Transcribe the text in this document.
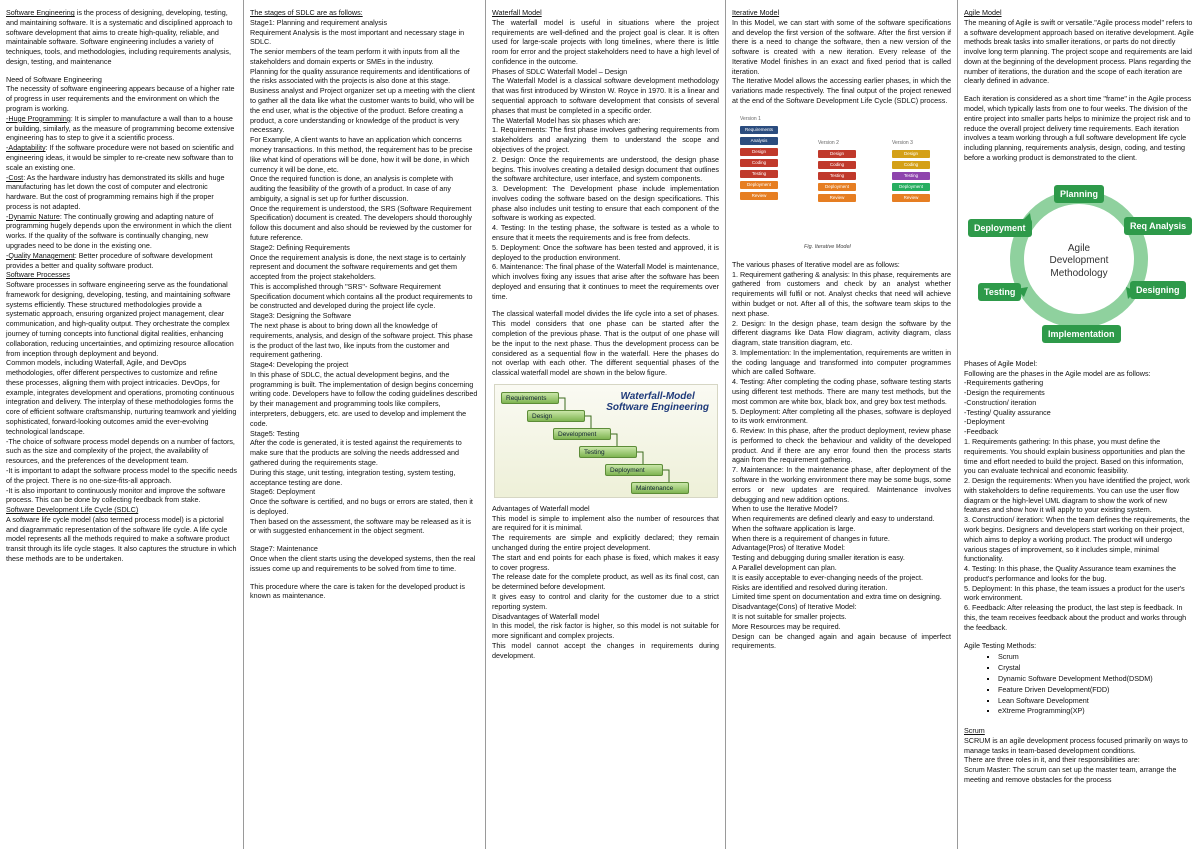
Software Engineering is the process of designing, developing, testing, and maintaining software. It is a systematic and disciplined approach to software development that aims to create high-quality, reliable, and maintainable software. Software engineering includes a variety of techniques, tools, and methodologies, including requirements analysis, design, testing, and maintenance

Need of Software Engineering

The necessity of software engineering appears because of a higher rate of progress in user requirements and the environment on which the program is working.

-Huge Programming: It is simpler to manufacture a wall than to a house or building, similarly, as the measure of programming become extensive engineering has to step to give it a scientific process.

-Adaptability: If the software procedure were not based on scientific and engineering ideas, it would be simpler to re-create new software than to scale an existing one.

-Cost: As the hardware industry has demonstrated its skills and huge manufacturing has let down the cost of computer and electronic hardware. But the cost of programming remains high if the proper process is not adapted.

-Dynamic Nature: The continually growing and adapting nature of programming hugely depends upon the environment in which the client works. If the quality of the software is continually changing, new upgrades need to be done in the existing one.

-Quality Management: Better procedure of software development provides a better and quality software product.

Software Processes

Software processes in software engineering serve as the foundational framework for designing, developing, testing, and maintaining software systems efficiently. These structured methodologies provide a systematic approach, ensuring organized project management, clear communication, and high-quality output. They orchestrate the complex journey of turning concepts into functional digital realities, enhancing collaboration, reducing uncertainties, and optimizing resource allocation from inception through deployment and beyond.

Common models, including Waterfall, Agile, and DevOps methodologies, offer different perspectives to customize and refine these processes, aligning them with project intricacies. DevOps, for example, integrates development and operations, promoting continuous integration and delivery. The interplay of these methodologies forms the core of efficient software craftsmanship, nurturing teamwork and yielding sophisticated, forward-looking outcomes amid the ever-evolving technological landscape.

-The choice of software process model depends on a number of factors, such as the size and complexity of the project, the availability of resources, and the preferences of the development team.

-It is important to adapt the software process model to the specific needs of the project. There is no one-size-fits-all approach.

-It is also important to continuously monitor and improve the software process. This can be done by collecting feedback from stake.

Software Development Life Cycle (SDLC)

A software life cycle model (also termed process model) is a pictorial and diagrammatic representation of the software life cycle. A life cycle model represents all the methods required to make a software product transit through its life cycle stages. It also captures the structure in which these methods are to be undertaken.

The stages of SDLC are as follows:

Stage1: Planning and requirement analysis

Requirement Analysis is the most important and necessary stage in SDLC.

The senior members of the team perform it with inputs from all the stakeholders and domain experts or SMEs in the industry.

Planning for the quality assurance requirements and identifications of the risks associated with the projects is also done at this stage.

Business analyst and Project organizer set up a meeting with the client to gather all the data like what the customer wants to build, who will be the end user, what is the objective of the product. Before creating a product, a core understanding or knowledge of the product is very necessary.

For Example, A client wants to have an application which concerns money transactions. In this method, the requirement has to be precise like what kind of operations will be done, how it will be done, in which currency it will be done, etc.

Once the required function is done, an analysis is complete with auditing the feasibility of the growth of a product. In case of any ambiguity, a signal is set up for further discussion.

Once the requirement is understood, the SRS (Software Requirement Specification) document is created. The developers should thoroughly follow this document and also should be reviewed by the customer for future reference.

Stage2: Defining Requirements

Once the requirement analysis is done, the next stage is to certainly represent and document the software requirements and get them accepted from the project stakeholders.

This is accomplished through "SRS"- Software Requirement Specification document which contains all the product requirements to be constructed and developed during the project life cycle.

Stage3: Designing the Software

The next phase is about to bring down all the knowledge of requirements, analysis, and design of the software project. This phase is the product of the last two, like inputs from the customer and requirement gathering.

Stage4: Developing the project

In this phase of SDLC, the actual development begins, and the programming is built. The implementation of design begins concerning writing code. Developers have to follow the coding guidelines described by their management and programming tools like compilers, interpreters, debuggers, etc. are used to develop and implement the code.

Stage5: Testing

After the code is generated, it is tested against the requirements to make sure that the products are solving the needs addressed and gathered during the requirements stage.

During this stage, unit testing, integration testing, system testing, acceptance testing are done.

Stage6: Deployment

Once the software is certified, and no bugs or errors are stated, then it is deployed.

Then based on the assessment, the software may be released as it is or with suggested enhancement in the object segment.

Stage7: Maintenance

Once when the client starts using the developed systems, then the real issues come up and requirements to be solved from time to time.

This procedure where the care is taken for the developed product is known as maintenance.

Waterfall Model

The waterfall model is useful in situations where the project requirements are well-defined and the project goal is clear. It is often used for large-scale projects with long timelines, where there is little room for error and the project stakeholders need to have a high level of confidence in the outcome.

Phases of SDLC Waterfall Model – Design

The Waterfall Model is a classical software development methodology that was first introduced by Winston W. Royce in 1970. It is a linear and sequential approach to software development that consists of several phases that must be completed in a specific order.

The Waterfall Model has six phases which are:

1. Requirements: The first phase involves gathering requirements from stakeholders and analyzing them to understand the scope and objectives of the project.

2. Design: Once the requirements are understood, the design phase begins. This involves creating a detailed design document that outlines the software architecture, user interface, and system components.

3. Development: The Development phase include implementation involves coding the software based on the design specifications. This phase also includes unit testing to ensure that each component of the software is working as expected.

4. Testing: In the testing phase, the software is tested as a whole to ensure that it meets the requirements and is free from defects.

5. Deployment: Once the software has been tested and approved, it is deployed to the production environment.

6. Maintenance: The final phase of the Waterfall Model is maintenance, which involves fixing any issues that arise after the software has been deployed and ensuring that it continues to meet the requirements over time.

The classical waterfall model divides the life cycle into a set of phases. This model considers that one phase can be started after the completion of the previous phase. That is the output of one phase will be the input to the next phase. Thus the development process can be considered as a sequential flow in the waterfall. Here the phases do not overlap with each other. The different sequential phases of the classical waterfall model are shown in the below figure.

Waterfall-Model
Software Engineering
Requirements
Design
Development
Testing
Deployment
Maintenance

Advantages of Waterfall model

This model is simple to implement also the number of resources that are required for it is minimal.

The requirements are simple and explicitly declared; they remain unchanged during the entire project development.

The start and end points for each phase is fixed, which makes it easy to cover progress.

The release date for the complete product, as well as its final cost, can be determined before development.

It gives easy to control and clarity for the customer due to a strict reporting system.

Disadvantages of Waterfall model

In this model, the risk factor is higher, so this model is not suitable for more significant and complex projects.

This model cannot accept the changes in requirements during development.

Iterative Model

In this Model, we can start with some of the software specifications and develop the first version of the software. After the first version if there is a need to change the software, then a new version of the software is created with a new iteration. Every release of the Iterative Model finishes in an exact and fixed period that is called iteration.

The Iterative Model allows the accessing earlier phases, in which the variations made respectively. The final output of the project renewed at the end of the Software Development Life Cycle (SDLC) process.

Version 1
Version 2	Version 3
Requirements
Analysis
Design
Coding
Testing
Deployment
Review
Design
Coding
Testing
Deployment
Review
Design
Coding
Testing
Deployment
Review
Fig. Iterative Model

The various phases of Iterative model are as follows:

1. Requirement gathering & analysis: In this phase, requirements are gathered from customers and check by an analyst whether requirements will fulfil or not. Analyst checks that need will achieve within budget or not. After all of this, the software team skips to the next phase.

2. Design: In the design phase, team design the software by the different diagrams like Data Flow diagram, activity diagram, class diagram, state transition diagram, etc.

3. Implementation: In the implementation, requirements are written in the coding language and transformed into computer programmes which are called Software.

4. Testing: After completing the coding phase, software testing starts using different test methods. There are many test methods, but the most common are white box, black box, and grey box test methods.

5. Deployment: After completing all the phases, software is deployed to its work environment.

6. Review: In this phase, after the product deployment, review phase is performed to check the behaviour and validity of the developed product. And if there are any error found then the process starts again from the requirement gathering.

7. Maintenance: In the maintenance phase, after deployment of the software in the working environment there may be some bugs, some errors or new updates are required. Maintenance involves debugging and new addition options.

When to use the Iterative Model?

When requirements are defined clearly and easy to understand.

When the software application is large.

When there is a requirement of changes in future.

Advantage(Pros) of Iterative Model:

Testing and debugging during smaller iteration is easy.

A Parallel development can plan.

It is easily acceptable to ever-changing needs of the project.

Risks are identified and resolved during iteration.

Limited time spent on documentation and extra time on designing.

Disadvantage(Cons) of Iterative Model:

It is not suitable for smaller projects.

More Resources may be required.

Design can be changed again and again because of imperfect requirements.

Agile Model

The meaning of Agile is swift or versatile."Agile process model" refers to a software development approach based on iterative development. Agile methods break tasks into smaller iterations, or parts do not directly involve long term planning. The project scope and requirements are laid down at the beginning of the development process. Plans regarding the number of iterations, the duration and the scope of each iteration are clearly defined in advance.

Each iteration is considered as a short time "frame" in the Agile process model, which typically lasts from one to four weeks. The division of the entire project into smaller parts helps to minimize the project risk and to reduce the overall project delivery time requirements. Each iteration involves a team working through a full software development life cycle including planning, requirements analysis, design, coding, and testing before a working product is demonstrated to the client.

Agile
Development
Methodology
Planning
Req Analysis
Designing
Implementation
Testing
Deployment

Phases of Agile Model:

Following are the phases in the Agile model are as follows:

-Requirements gathering

-Design the requirements

-Construction/ iteration

-Testing/ Quality assurance

-Deployment

-Feedback

1. Requirements gathering: In this phase, you must define the requirements. You should explain business opportunities and plan the time and effort needed to build the project. Based on this information, you can evaluate technical and economic feasibility.

2. Design the requirements: When you have identified the project, work with stakeholders to define requirements. You can use the user flow diagram or the high-level UML diagram to show the work of new features and show how it will apply to your existing system.

3. Construction/ iteration: When the team defines the requirements, the work begins. Designers and developers start working on their project, which aims to deploy a working product. The product will undergo various stages of improvement, so it includes simple, minimal functionality.

4. Testing: In this phase, the Quality Assurance team examines the product's performance and looks for the bug.

5. Deployment: In this phase, the team issues a product for the user's work environment.

6. Feedback: After releasing the product, the last step is feedback. In this, the team receives feedback about the product and works through the feedback.

Agile Testing Methods:

▪ Scrum
▪ Crystal
▪ Dynamic Software Development Method(DSDM)
▪ Feature Driven Development(FDD)
▪ Lean Software Development
▪ eXtreme Programming(XP)

Scrum

SCRUM is an agile development process focused primarily on ways to manage tasks in team-based development conditions.

There are three roles in it, and their responsibilities are:

Scrum Master: The scrum can set up the master team, arrange the meeting and remove obstacles for the process
